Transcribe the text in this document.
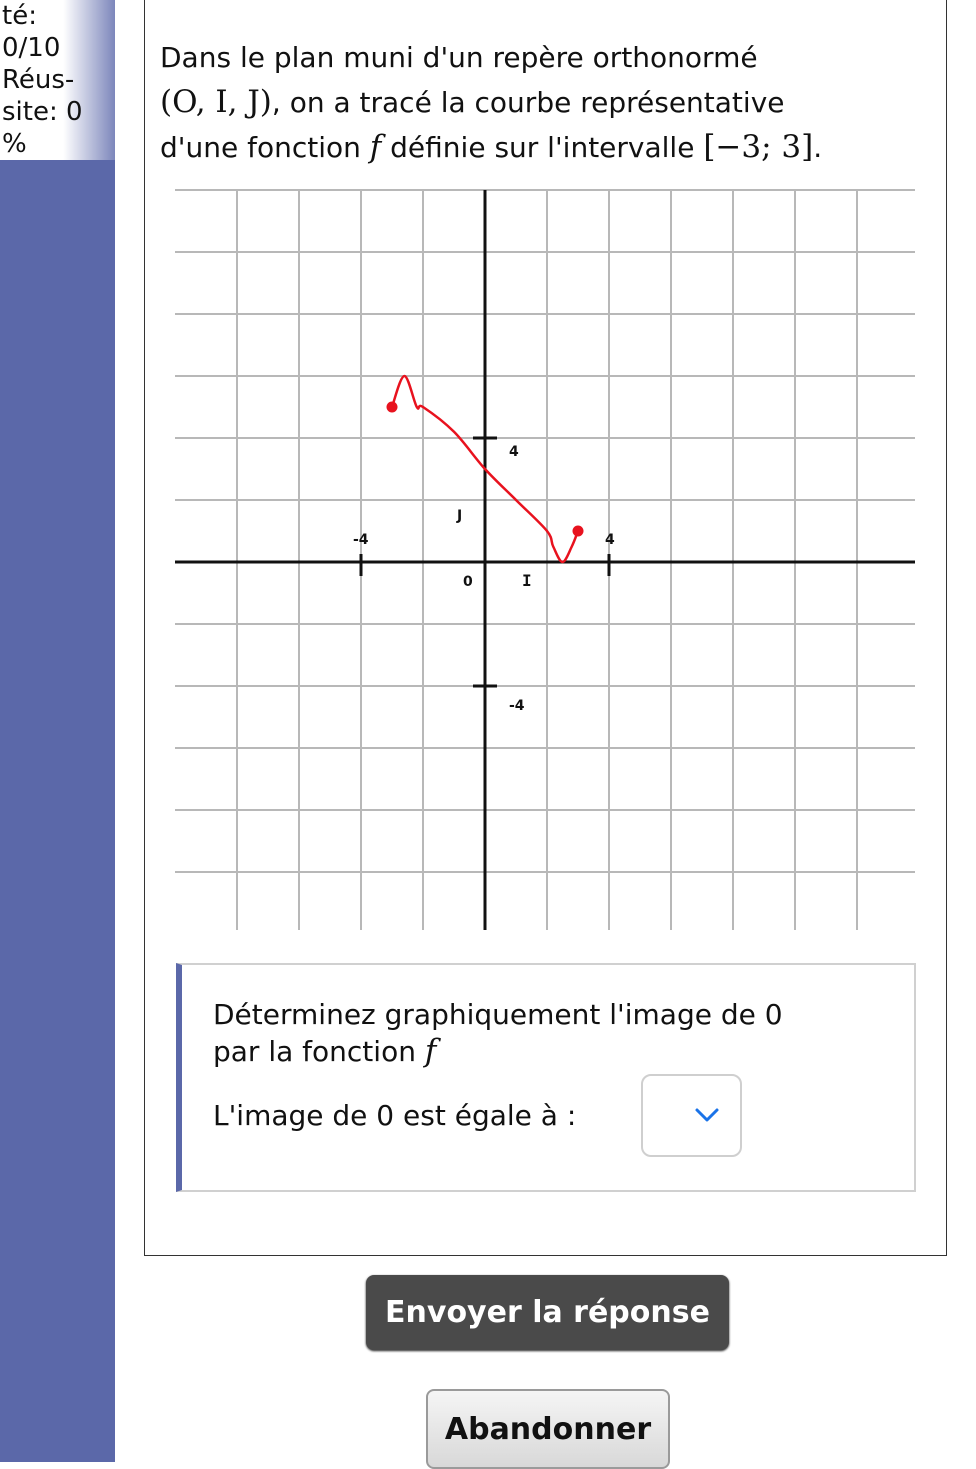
té:
0/10
Réus-
site: 0
%
Dans le plan muni d'un repère orthonormé
(O, I, J), on a tracé la courbe représentative
d'une fonction f définie sur l'intervalle [−3; 3].
4
-4
-4	4
0	I
J
Déterminez graphiquement l'image de 0
par la fonction f
L'image de 0 est égale à :
Envoyer la réponse
Abandonner
